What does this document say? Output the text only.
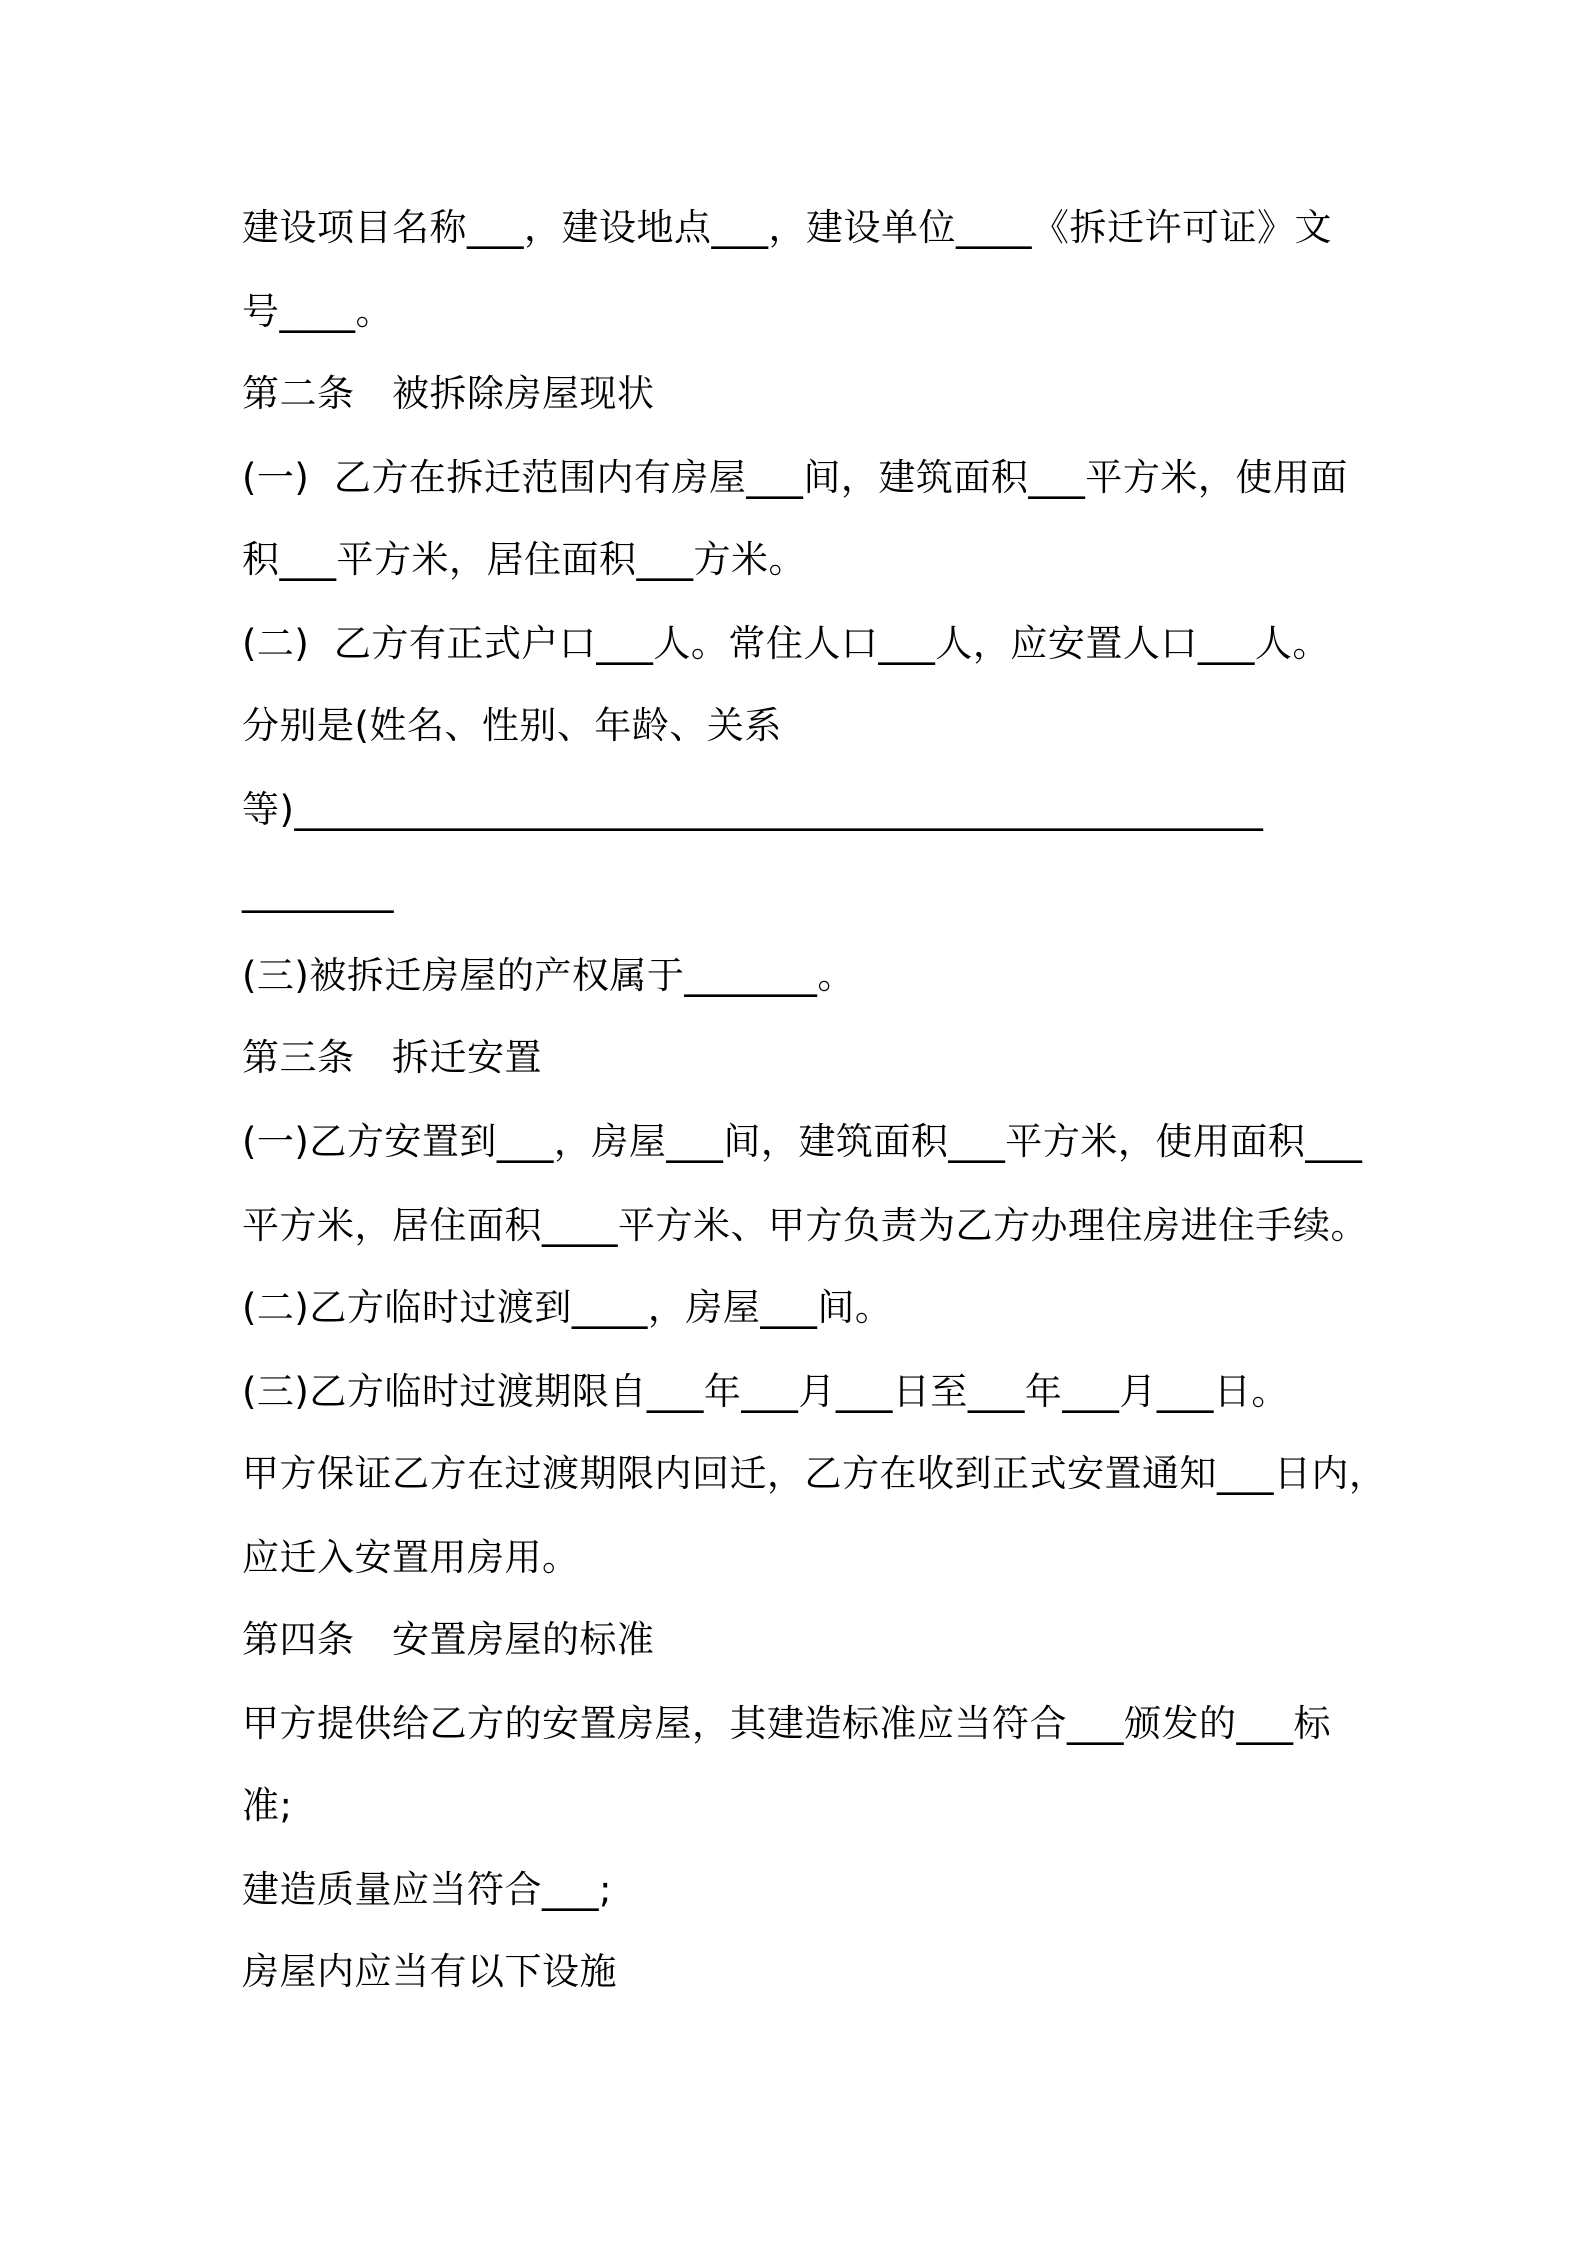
建设项目名称___，建设地点___，建设单位____《拆迁许可证》文
号____。
第二条　被拆除房屋现状
(一)  乙方在拆迁范围内有房屋___间，建筑面积___平方米，使用面
积___平方米，居住面积___方米。
(二)  乙方有正式户口___人。常住人口___人，应安置人口___人。
分别是(姓名、性别、年龄、关系
等)___________________________________________________
________
(三)被拆迁房屋的产权属于_______。
第三条　拆迁安置
(一)乙方安置到___，房屋___间，建筑面积___平方米，使用面积___
平方米，居住面积____平方米、甲方负责为乙方办理住房进住手续。
(二)乙方临时过渡到____，房屋___间。
(三)乙方临时过渡期限自___年___月___日至___年___月___日。
甲方保证乙方在过渡期限内回迁，乙方在收到正式安置通知___日内，
应迁入安置用房用。
第四条　安置房屋的标准
甲方提供给乙方的安置房屋，其建造标准应当符合___颁发的___标
准;
建造质量应当符合___;
房屋内应当有以下设施
